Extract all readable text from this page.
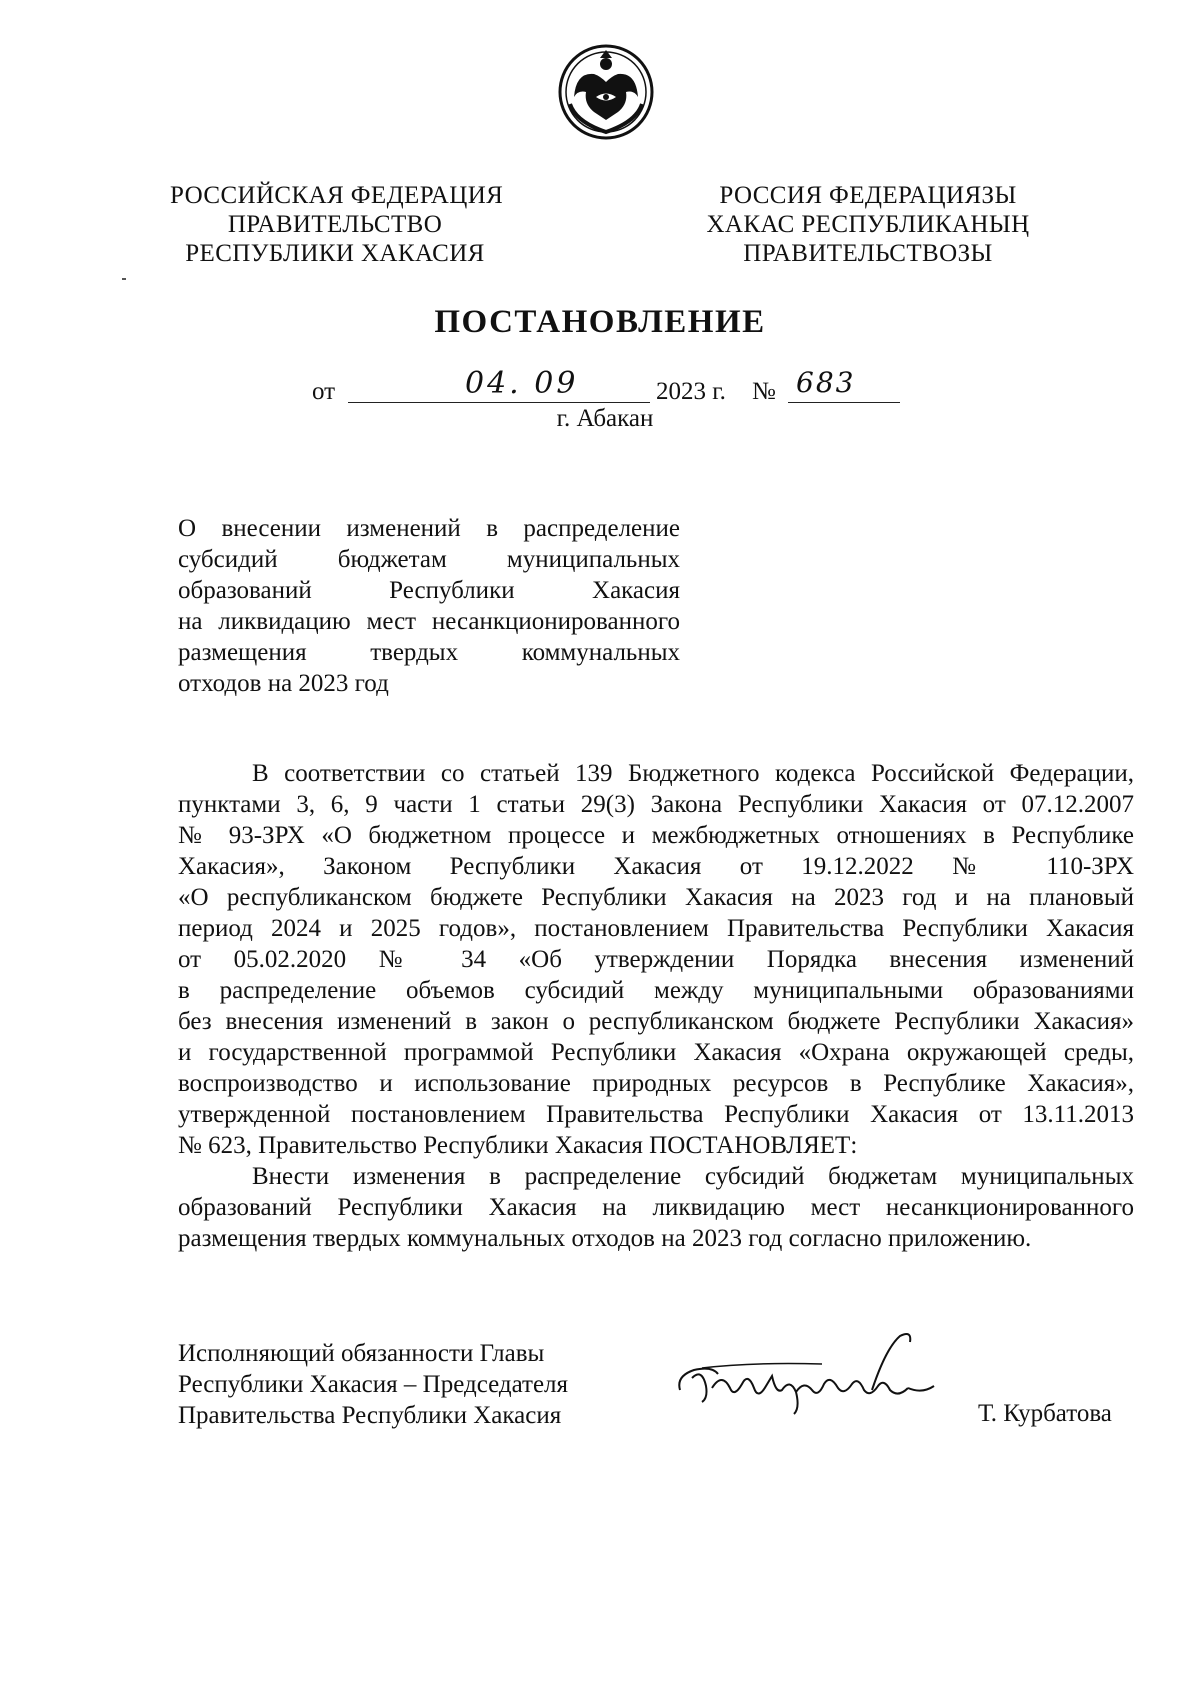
РОССИЙСКАЯ ФЕДЕРАЦИЯ
ПРАВИТЕЛЬСТВО
РЕСПУБЛИКИ ХАКАСИЯ
РОССИЯ ФЕДЕРАЦИЯЗЫ
ХАКАС РЕСПУБЛИКАНЫҢ
ПРАВИТЕЛЬСТВОЗЫ
ПОСТАНОВЛЕНИЕ
от	04. 09	2023 г. № 683
г. Абакан
О внесении изменений в распределение
субсидий бюджетам муниципальных
образований Республики Хакасия
на ликвидацию мест несанкционированного
размещения твердых коммунальных
отходов на 2023 год
В соответствии со статьей 139 Бюджетного кодекса Российской Федерации,
пунктами 3, 6, 9 части 1 статьи 29(3) Закона Республики Хакасия от 07.12.2007
№ 93-ЗРХ «О бюджетном процессе и межбюджетных отношениях в Республике
Хакасия», Законом Республики Хакасия от 19.12.2022 № 110-ЗРХ
«О республиканском бюджете Республики Хакасия на 2023 год и на плановый
период 2024 и 2025 годов», постановлением Правительства Республики Хакасия
от 05.02.2020 № 34 «Об утверждении Порядка внесения изменений
в распределение объемов субсидий между муниципальными образованиями
без внесения изменений в закон о республиканском бюджете Республики Хакасия»
и государственной программой Республики Хакасия «Охрана окружающей среды,
воспроизводство и использование природных ресурсов в Республике Хакасия»,
утвержденной постановлением Правительства Республики Хакасия от 13.11.2013
№ 623, Правительство Республики Хакасия ПОСТАНОВЛЯЕТ:
Внести изменения в распределение субсидий бюджетам муниципальных
образований Республики Хакасия на ликвидацию мест несанкционированного
размещения твердых коммунальных отходов на 2023 год согласно приложению.
Исполняющий обязанности Главы
Республики Хакасия – Председателя
Правительства Республики Хакасия	Т. Курбатова
